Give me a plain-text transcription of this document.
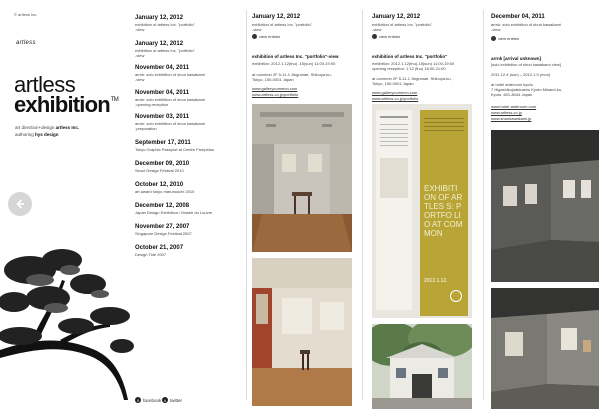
© artless Inc.
artless
artless
exhibition™
art direction+design artless Inc.
authoring hys design
f facebook t twitter
January 12, 2012
exhibition of artless Inc. "portfolio"
-view
January 12, 2012
exhibition of artless Inc. "portfolio"
-view
November 04, 2011
arrnk: solo exhibition of shun kawakami
-view
November 04, 2011
arrnk: solo exhibition of shun kawakami
-opening reception
November 03, 2011
arrnk: solo exhibition of shun kawakami
-preparation
September 17, 2011
Tokyo Graphic Passport at Centre Pompidou
December 09, 2010
Seoul Design Festival 2010
October 12, 2010
art award tokyo marunouchi 2010
December 12, 2008
Japan Design Exhibition / Musée du Louvre
November 27, 2007
Singapore Design Festival 2007
October 21, 2007
Design Tide 2007
January 12, 2012
exhibition of artless Inc. "portfolio"
-view
view entries
exhibition of artless Inc. "portfolio"-view
exhibition: 2012.1.12(thu) -15(sun) 11:00-19:00
at common 2F 5-11-1 Jingumae, Shibuya-ku,
Tokyo, 150-0001 Japan
www.gallerycommon.com
www.artless.co.jp/portfolio
January 12, 2012
exhibition of artless Inc. "portfolio"
-view
view entries
exhibition of artless Inc. "portfolio"
exhibition: 2012.1.12(thu)-15(sun) 11:00-19:00
opening reception: 1.12 (thu) 18:00-21:00
at common 2F 5-11-1 Jingumae, Shibuya-ku,
Tokyo, 150-0001 Japan
www.gallerycommon.com
www.artless.co.jp/portfolio
EXHIBITI ON OF ARTLES S: PORTFO LIO AT COMMON
2012.1.12.
December 04, 2011
arrnk: solo exhibition of shun kawakami
-view
view entries
arrnk [arrival unknown]
[solo exhibition of shun kawakami view]
2011.12.4 (sun) – 2012.1.9 (mon)
at hotel anteroom kyoto
7 Higashikujoakirasho Kyoto Minami-ku,
Kyoto, 601-8044 Japan
www.hotel-anteroom.com
www.artless.co.jp
www.shunkawakami.jp
